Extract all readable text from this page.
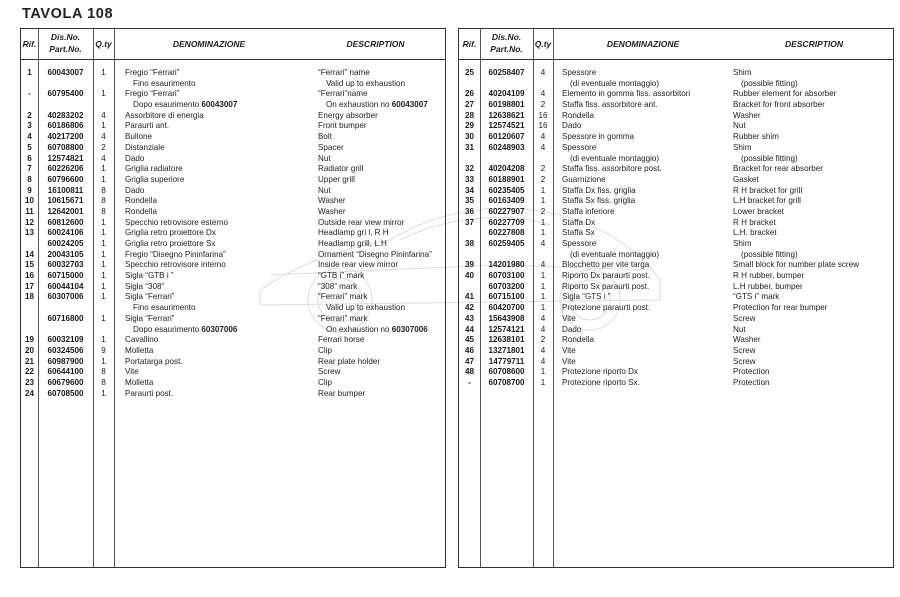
TAVOLA 108
Rif.
Dis.No.
Part.No.	Q.ty	DENOMINAZIONE	DESCRIPTION
1	60043007	1	Fregio “Ferrari”	“Ferrari” name
Fino esaurimento	Valid up to exhaustion
-	60795400	1	Fregio “Ferrari”	“Ferrari”name
Dopo esaurimento 60043007	On exhaustion no 60043007
2	40283202	4	Assorbitore di energia	Energy absorber
3	60186806	1	Paraurti ant.	Front bumper
4	40217200	4	Bullone	Bolt
5	60708800	2	Distanziale	Spacer
6	12574821	4	Dado	Nut
7	60226206	1	Griglia radiatore	Radiator grill
8	60796600	1	Griglia superiore	Upper grill
9	16100811	8	Dado	Nut
10	10615671	8	Rondella	Washer
11	12642001	8	Rondella	Washer
12	60812600	1	Specchio retrovisore esterno	Outside rear view mirror
13	60024106	1	Griglia retro proiettore Dx	Headlamp gri l, R H
60024205	1	Griglia retro proiettore Sx	Headlamp grill, L.H
14	20043105	1	Fregio “Disegno Pininfarina”	Ornament “Disegno Pininfarina”
15	60032703	1	Specchio retrovisore interno	Inside rear view mirror
16	60715000	1	Sigla “GTB i ”	“GTB i” mark
17	60044104	1	Sigla “308”	“308” mark
18	60307006	1	Sigla “Ferrari”	“Ferrari” mark
Fino esaurimento	Valid up to exhaustion
60716800	1	Sigla “Ferrari”	“Ferrari” mark
Dopo esaurimento 60307006	On exhaustion no 60307006
19	60032109	1	Cavallino	Ferrari horse
20	60324506	9	Molletta	Clip
21	60987900	1	Portatarga post.	Rear plate holder
22	60644100	8	Vite	Screw
23	60679600	8	Molletta	Clip
24	60708500	1	Paraurti post.	Rear bumper
Rif.
Dis.No.
Part.No.	Q.ty	DENOMINAZIONE	DESCRIPTION
25	60258407	4	Spessore	Shim
(di eventuale montaggio)	(possible fitting)
26	40204109	4	Elemento in gomma fiss. assorbitori	Rubber element for absorber
27	60198801	2	Staffa fiss. assorbitore ant.	Bracket for front absorber
28	12638621	16	Rondella	Washer
29	12574521	16	Dado	Nut
30	60120607	4	Spessore in gomma	Rubber shim
31	60248903	4	Spessore	Shim
(di eventuale montaggio)	(possible fitting)
32	40204208	2	Staffa fiss. assorbitore post.	Bracket for rear absorber
33	60188901	2	Guarnizione	Gasket
34	60235405	1	Staffa Dx fiss. griglia	R H bracket for grill
35	60163409	1	Staffa Sx fiss. griglia	L.H bracket for grill
36	60227907	2	Staffa inferiore	Lower bracket
37	60227709	1	Staffa Dx	R H bracket
60227808	1	Staffa Sx	L.H. bracket
38	60259405	4	Spessore	Shim
(di eventuale montaggio)	(possible fitting)
39	14201980	4	Blocchetto per vite targa	Small block for number plate screw
40	60703100	1	Riporto Dx paraurti post.	R H rubber, bumper
60703200	1	Riporto Sx paraurti post.	L.H rubber, bumper
41	60715100	1	Sigla “GTS i ”	“GTS i” mark
42	60420700	1	Protezione paraurti post.	Protection for rear bumper
43	15643908	4	Vite	Screw
44	12574121	4	Dado	Nut
45	12638101	2	Rondella	Washer
46	13271801	4	Vite	Screw
47	14779711	4	Vite	Screw
48	60708600	1	Protezione riporto Dx	Protection
-	60708700	1	Protezione riporto Sx.	Protection
